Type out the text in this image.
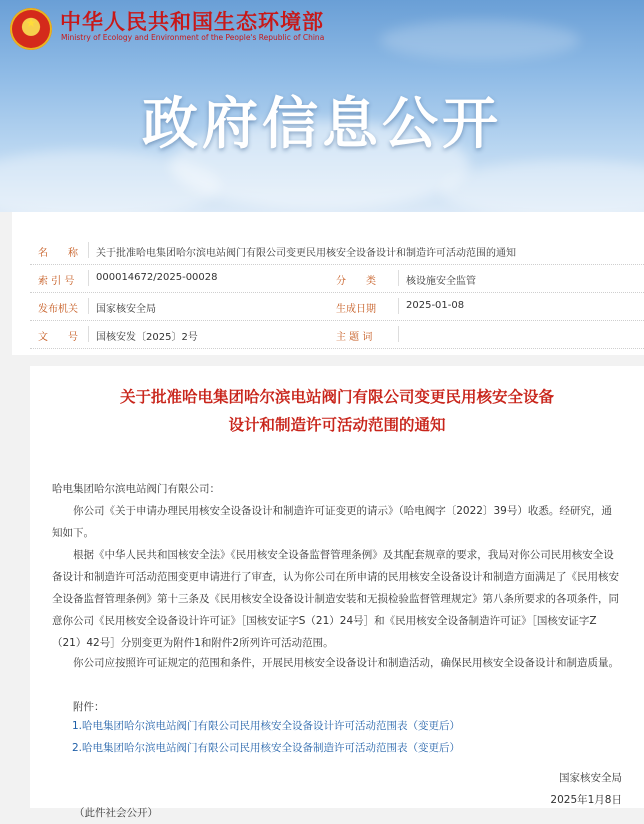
★	中华人民共和国生态环境部
Ministry of Ecology and Environment of the People's Republic of China
政府信息公开
名　　称 关于批准哈电集团哈尔滨电站阀门有限公司变更民用核安全设备设计和制造许可活动范围的通知
索 引 号 000014672/2025-00028	分　　类	核设施安全监管
发布机关 国家核安全局	生成日期	2025-01-08
文　　号 国核安发〔2025〕2号	主 题 词
关于批准哈电集团哈尔滨电站阀门有限公司变更民用核安全设备
设计和制造许可活动范围的通知

哈电集团哈尔滨电站阀门有限公司：

你公司《关于申请办理民用核安全设备设计和制造许可证变更的请示》（哈电阀字〔2022〕39号）收悉。经研究，通知如下。

根据《中华人民共和国核安全法》《民用核安全设备监督管理条例》及其配套规章的要求，我局对你公司民用核安全设备设计和制造许可活动范围变更申请进行了审查，认为你公司在所申请的民用核安全设备设计和制造方面满足了《民用核安全设备监督管理条例》第十三条及《民用核安全设备设计制造安装和无损检验监督管理规定》第八条所要求的各项条件，同意你公司《民用核安全设备设计许可证》［国核安证字S（21）24号］和《民用核安全设备制造许可证》［国核安证字Z（21）42号］分别变更为附件1和附件2所列许可活动范围。

你公司应按照许可证规定的范围和条件，开展民用核安全设备设计和制造活动，确保民用核安全设备设计和制造质量。

附件：

1.哈电集团哈尔滨电站阀门有限公司民用核安全设备设计许可活动范围表（变更后）
2.哈电集团哈尔滨电站阀门有限公司民用核安全设备制造许可活动范围表（变更后）
国家核安全局
2025年1月8日
（此件社会公开）
